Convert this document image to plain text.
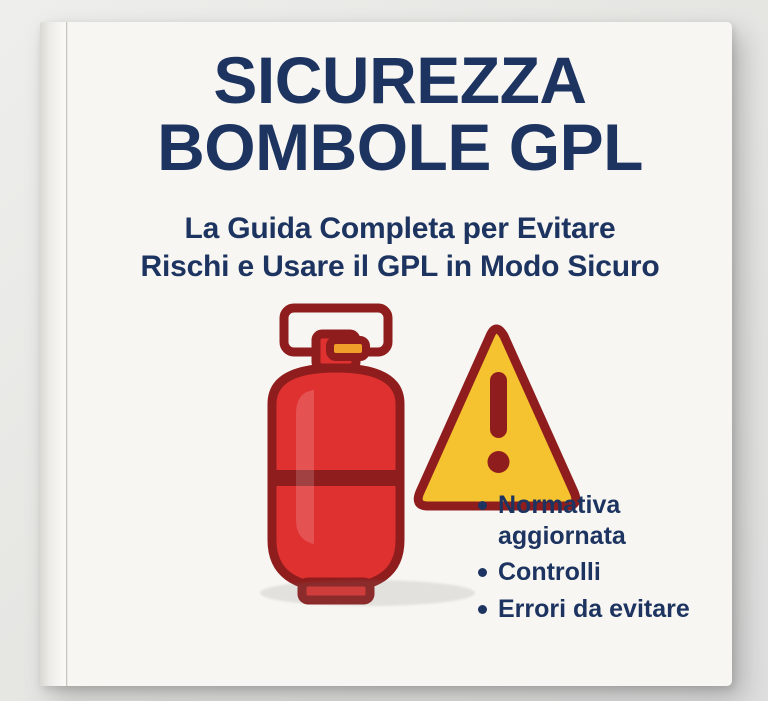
SICUREZZA
BOMBOLE GPL
La Guida Completa per Evitare
Rischi e Usare il GPL in Modo Sicuro
Normativa aggiornata
Controlli
Errori da evitare
